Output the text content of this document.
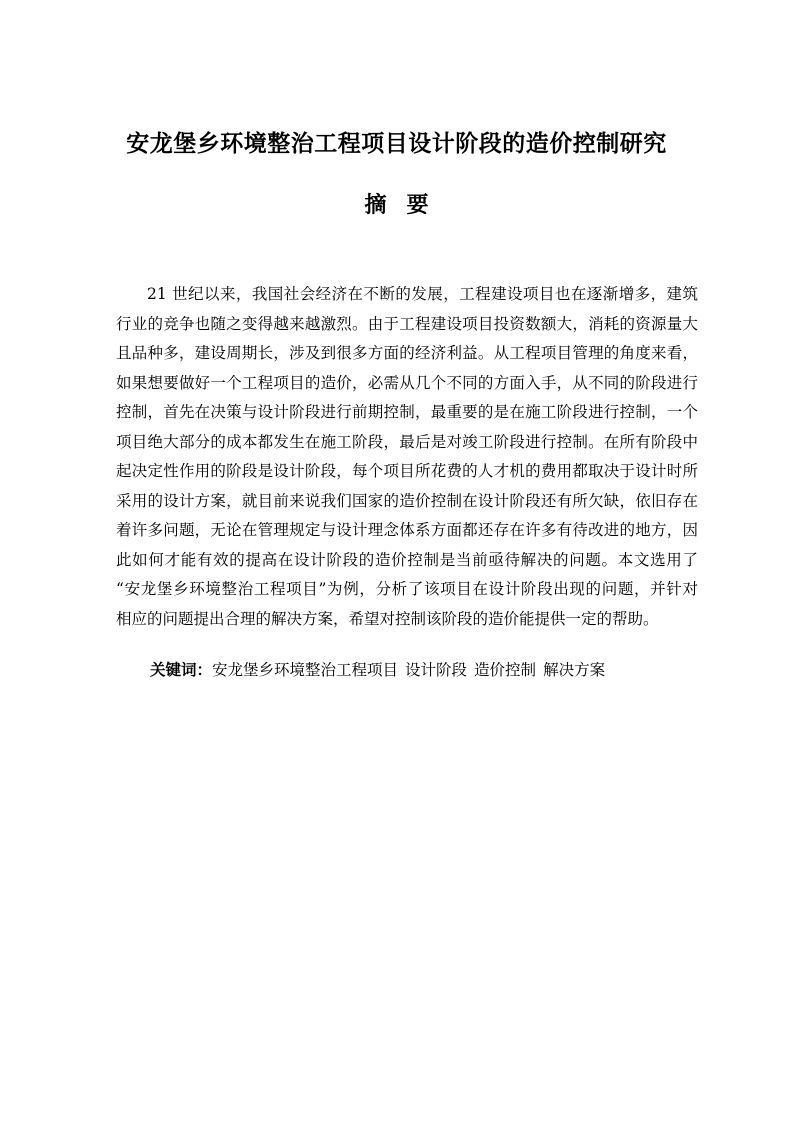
安龙堡乡环境整治工程项目设计阶段的造价控制研究
摘要
21 世纪以来，我国社会经济在不断的发展，工程建设项目也在逐渐增多，建筑
行业的竞争也随之变得越来越激烈。由于工程建设项目投资数额大，消耗的资源量大
且品种多，建设周期长，涉及到很多方面的经济利益。从工程项目管理的角度来看，
如果想要做好一个工程项目的造价，必需从几个不同的方面入手，从不同的阶段进行
控制，首先在决策与设计阶段进行前期控制，最重要的是在施工阶段进行控制，一个
项目绝大部分的成本都发生在施工阶段，最后是对竣工阶段进行控制。在所有阶段中
起决定性作用的阶段是设计阶段，每个项目所花费的人才机的费用都取决于设计时所
采用的设计方案，就目前来说我们国家的造价控制在设计阶段还有所欠缺，依旧存在
着许多问题，无论在管理规定与设计理念体系方面都还存在许多有待改进的地方，因
此如何才能有效的提高在设计阶段的造价控制是当前亟待解决的问题。本文选用了
“安龙堡乡环境整治工程项目”为例，分析了该项目在设计阶段出现的问题，并针对
相应的问题提出合理的解决方案，希望对控制该阶段的造价能提供一定的帮助。
关键词：安龙堡乡环境整治工程项目 设计阶段 造价控制 解决方案
